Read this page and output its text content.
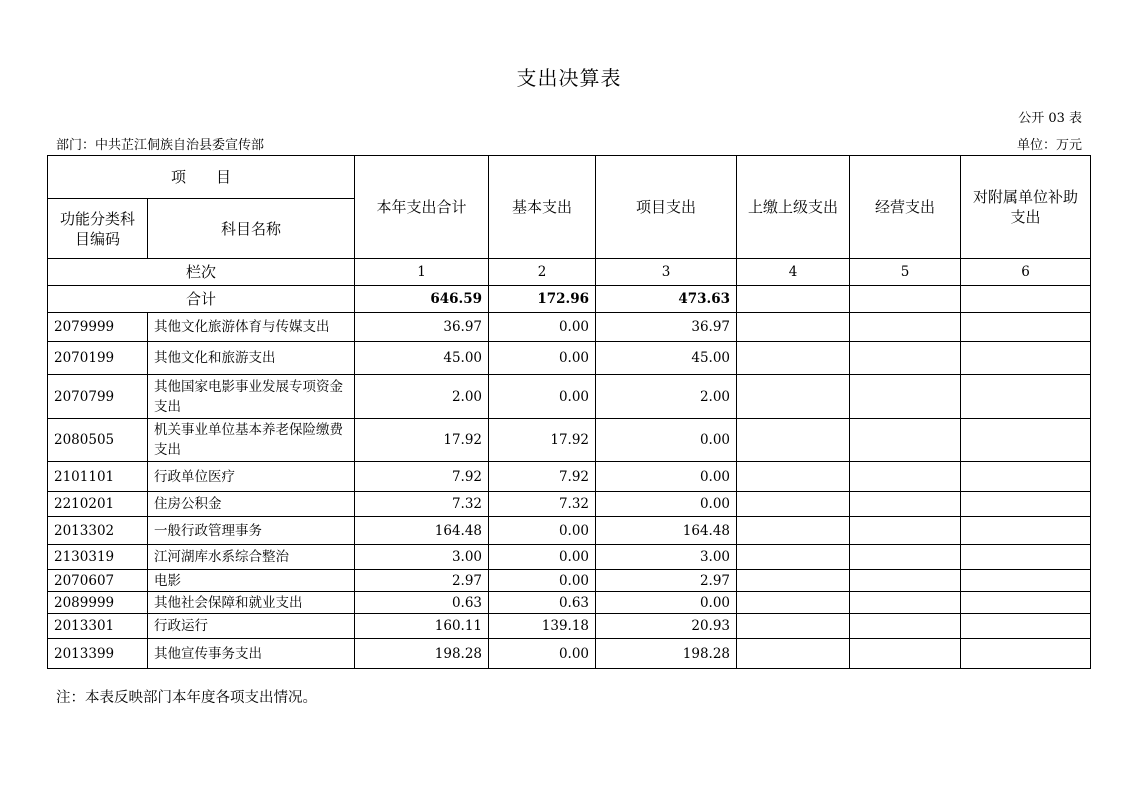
支出决算表
公开 03 表
部门：中共芷江侗族自治县委宣传部	单位：万元
项　　目		本年支出合计	基本支出	项目支出	上缴上级支出	经营支出	对附属单位补助支出
功能分类科目编码	科目名称						
栏次		1	2	3	4	5	6
合计		646.59	172.96	473.63			
2079999	其他文化旅游体育与传媒支出	36.97	0.00	36.97			
2070199	其他文化和旅游支出	45.00	0.00	45.00			
2070799	其他国家电影事业发展专项资金支出	2.00	0.00	2.00			
2080505	机关事业单位基本养老保险缴费支出	17.92	17.92	0.00			
2101101	行政单位医疗	7.92	7.92	0.00			
2210201	住房公积金	7.32	7.32	0.00			
2013302	一般行政管理事务	164.48	0.00	164.48			
2130319	江河湖库水系综合整治	3.00	0.00	3.00			
2070607	电影	2.97	0.00	2.97			
2089999	其他社会保障和就业支出	0.63	0.63	0.00			
2013301	行政运行	160.11	139.18	20.93			
2013399	其他宣传事务支出	198.28	0.00	198.28			
注：本表反映部门本年度各项支出情况。
